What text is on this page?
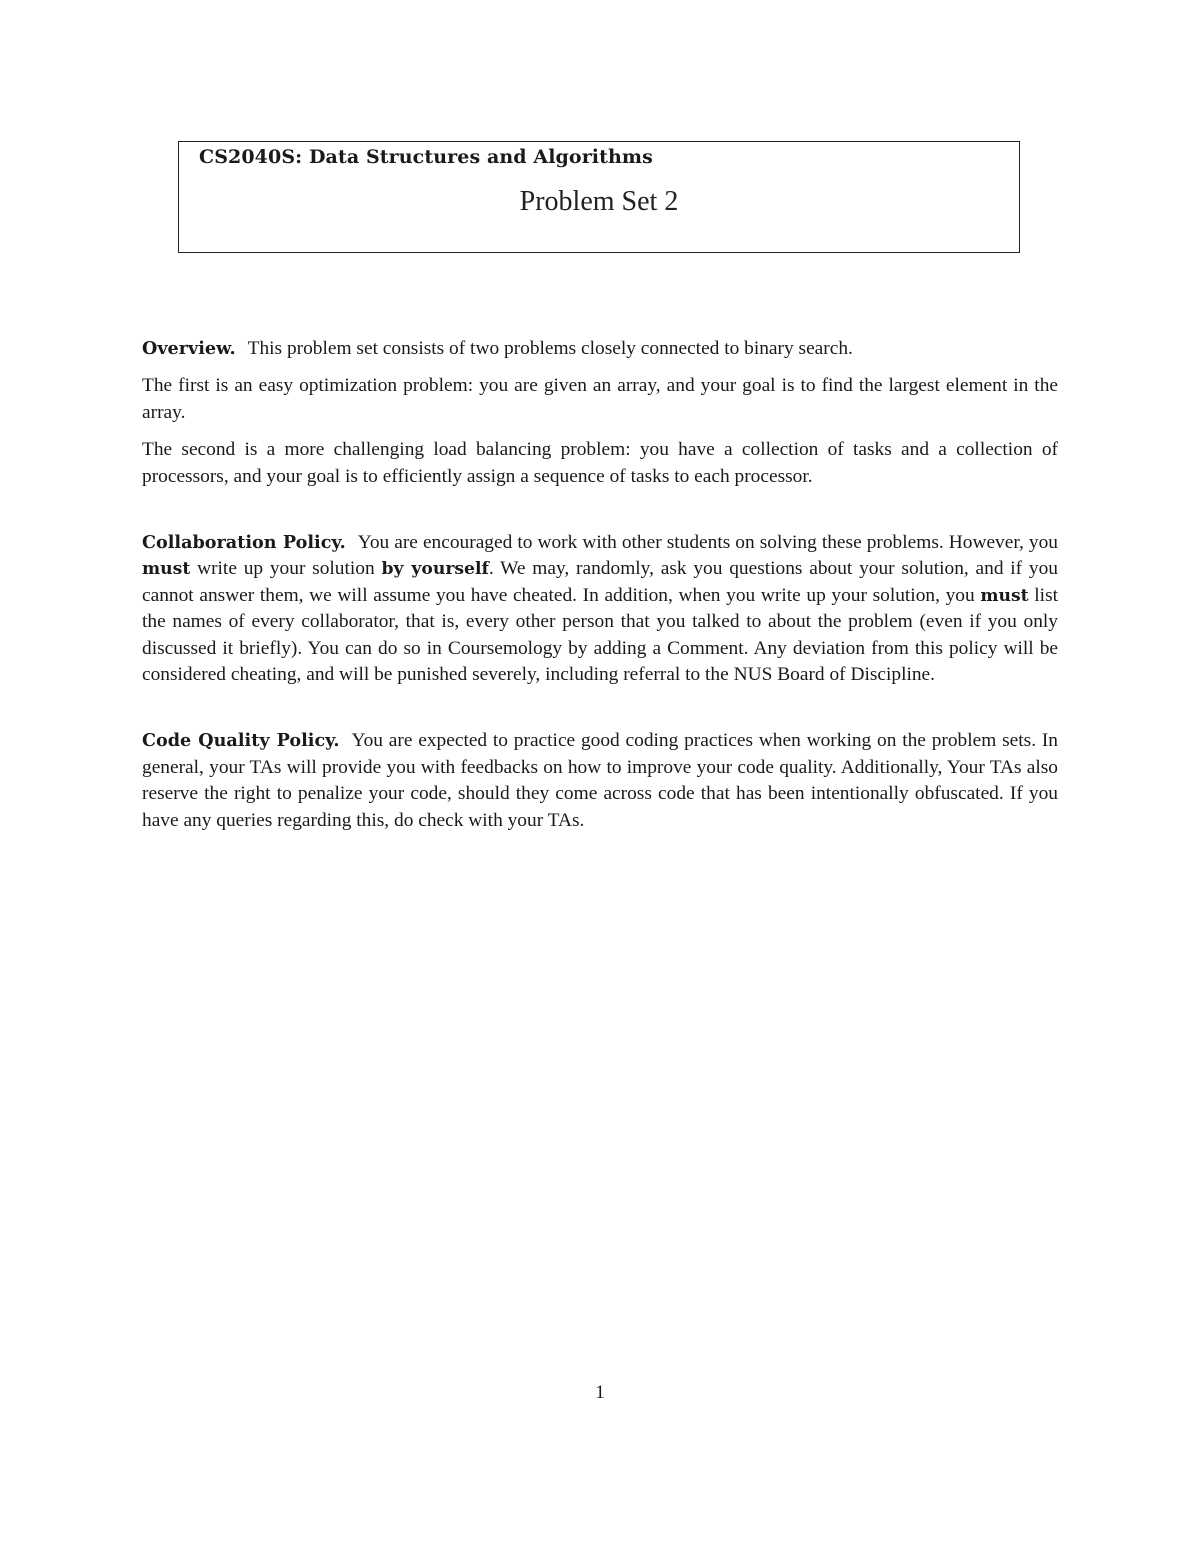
CS2040S: Data Structures and Algorithms
Problem Set 2

Overview. This problem set consists of two problems closely connected to binary search.

The first is an easy optimization problem: you are given an array, and your goal is to find the largest element in the array.

The second is a more challenging load balancing problem: you have a collection of tasks and a collection of processors, and your goal is to efficiently assign a sequence of tasks to each processor.

Collaboration Policy. You are encouraged to work with other students on solving these problems. However, you must write up your solution by yourself. We may, randomly, ask you questions about your solution, and if you cannot answer them, we will assume you have cheated. In addition, when you write up your solution, you must list the names of every collaborator, that is, every other person that you talked to about the problem (even if you only discussed it briefly). You can do so in Coursemology by adding a Comment. Any deviation from this policy will be considered cheating, and will be punished severely, including referral to the NUS Board of Discipline.

Code Quality Policy. You are expected to practice good coding practices when working on the problem sets. In general, your TAs will provide you with feedbacks on how to improve your code quality. Additionally, Your TAs also reserve the right to penalize your code, should they come across code that has been intentionally obfuscated. If you have any queries regarding this, do check with your TAs.

1
